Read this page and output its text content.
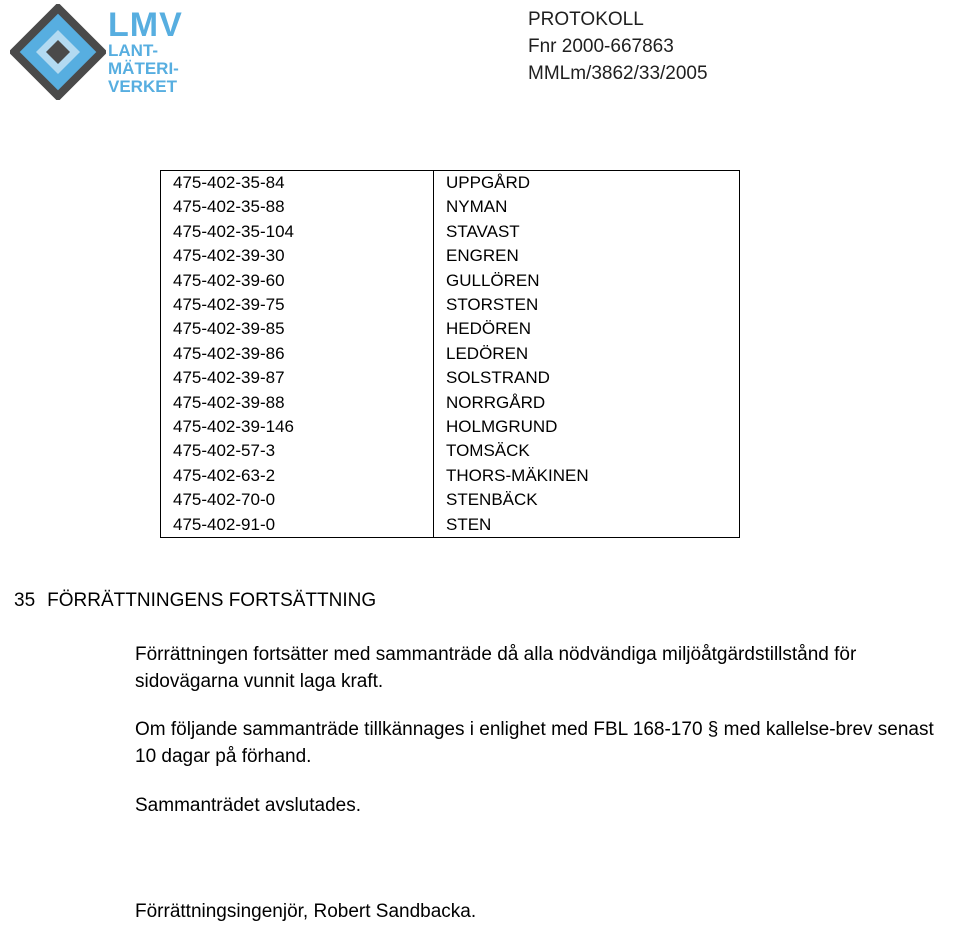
LMV
LANT-
MÄTERI-
VERKET
PROTOKOLL
Fnr 2000-667863
MMLm/3862/33/2005
475-402-35-84	UPPGÅRD
475-402-35-88	NYMAN
475-402-35-104	STAVAST
475-402-39-30	ENGREN
475-402-39-60	GULLÖREN
475-402-39-75	STORSTEN
475-402-39-85	HEDÖREN
475-402-39-86	LEDÖREN
475-402-39-87	SOLSTRAND
475-402-39-88	NORRGÅRD
475-402-39-146	HOLMGRUND
475-402-57-3	TOMSÄCK
475-402-63-2	THORS-MÄKINEN
475-402-70-0	STENBÄCK
475-402-91-0	STEN
35 FÖRRÄTTNINGENS FORTSÄTTNING
Förrättningen fortsätter med sammanträde då alla nödvändiga miljöåtgärdstillstånd för sidovägarna vunnit laga kraft.
Om följande sammanträde tillkännages i enlighet med FBL 168-170 § med kallelse-brev senast 10 dagar på förhand.
Sammanträdet avslutades.
Förrättningsingenjör, Robert Sandbacka.
